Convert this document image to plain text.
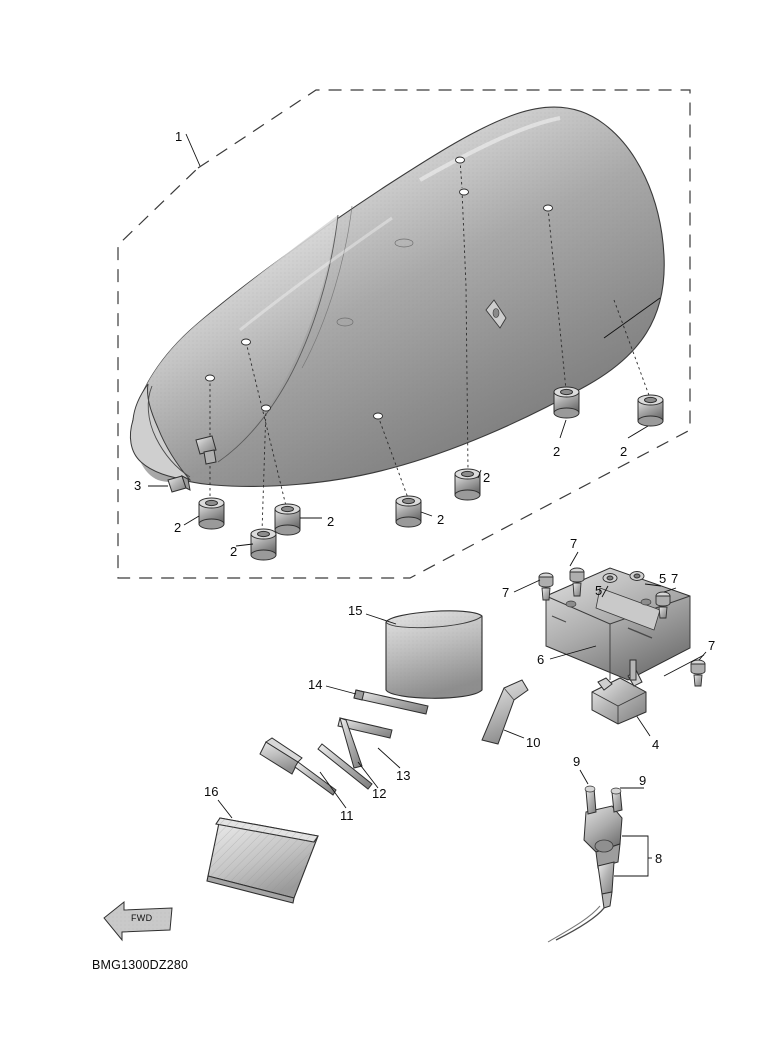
1
2	2
2
2
2
2
2
3
4
5
5
6
7
7
7
7
8
9
9
10
11
12
13
14
15
16
FWD
BMG1300DZ280
